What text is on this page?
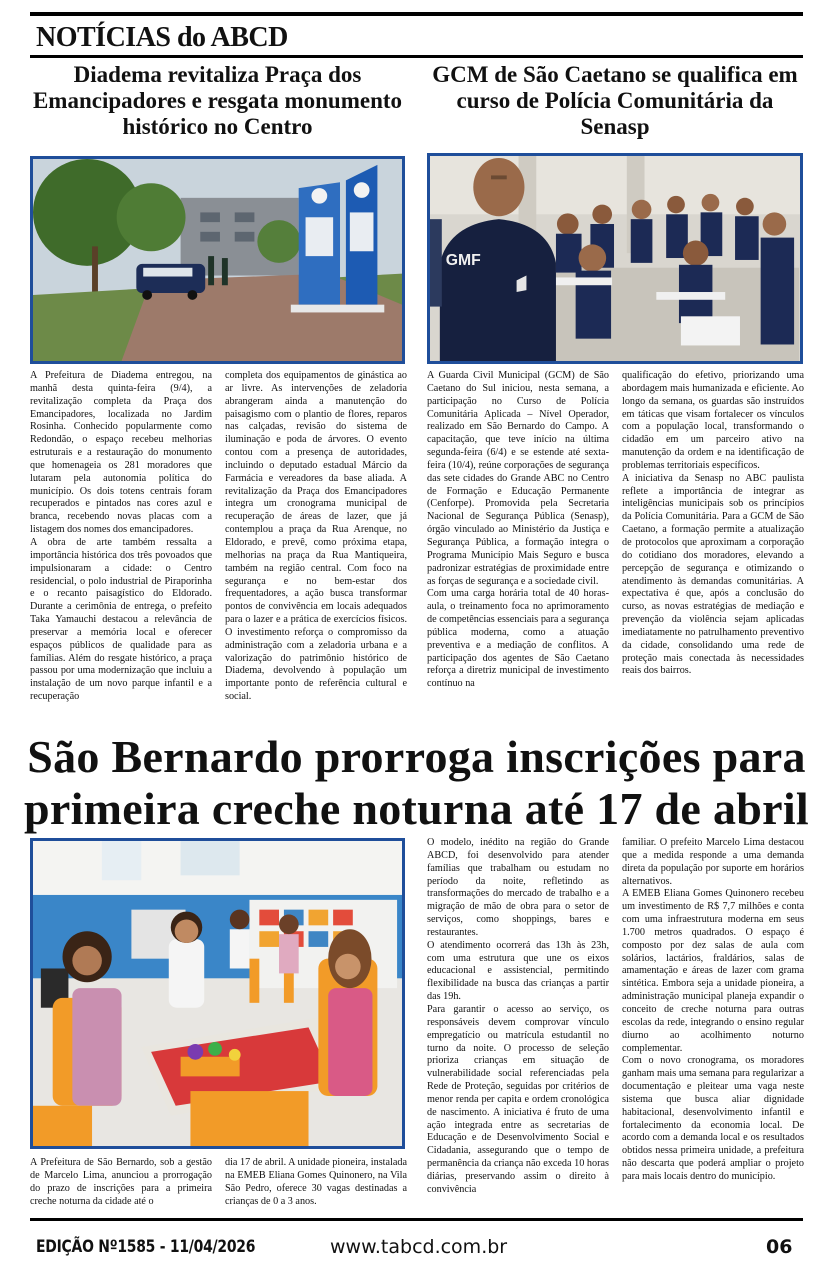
NOTÍCIAS do ABCD
Diadema revitaliza Praça dos Emancipadores e resgata monumento histórico no Centro

A Prefeitura de Diadema entregou, na manhã desta quinta-feira (9/4), a revitalização completa da Praça dos Emancipadores, localizada no Jardim Rosinha. Conhecido popularmente como Redondão, o espaço recebeu melhorias estruturais e a restauração do monumento que homenageia os 281 moradores que lutaram pela autonomia política do município. Os dois totens centrais foram recuperados e pintados nas cores azul e branca, recebendo novas placas com a listagem dos nomes dos emancipadores.

A obra de arte também ressalta a importância histórica dos três povoados que impulsionaram a cidade: o Centro residencial, o polo industrial de Piraporinha e o recanto paisagístico do Eldorado. Durante a cerimônia de entrega, o prefeito Taka Yamauchi destacou a relevância de preservar a memória local e oferecer espaços públicos de qualidade para as famílias. Além do resgate histórico, a praça passou por uma modernização que incluiu a instalação de um novo parque infantil e a recuperação

completa dos equipamentos de ginástica ao ar livre. As intervenções de zeladoria abrangeram ainda a manutenção do paisagismo com o plantio de flores, reparos nas calçadas, revisão do sistema de iluminação e poda de árvores. O evento contou com a presença de autoridades, incluindo o deputado estadual Márcio da Farmácia e vereadores da base aliada. A revitalização da Praça dos Emancipadores integra um cronograma municipal de recuperação de áreas de lazer, que já contemplou a praça da Rua Arenque, no Eldorado, e prevê, como próxima etapa, melhorias na praça da Rua Mantiqueira, também na região central. Com foco na segurança e no bem-estar dos frequentadores, a ação busca transformar pontos de convivência em locais adequados para o lazer e a prática de exercícios físicos. O investimento reforça o compromisso da administração com a zeladoria urbana e a valorização do patrimônio histórico de Diadema, devolvendo à população um importante ponto de referência cultural e social.

GCM de São Caetano se qualifica em curso de Polícia Comunitária da Senasp
GMF

A Guarda Civil Municipal (GCM) de São Caetano do Sul iniciou, nesta semana, a participação no Curso de Polícia Comunitária Aplicada – Nível Operador, realizado em São Bernardo do Campo. A capacitação, que teve início na última segunda-feira (6/4) e se estende até sexta-feira (10/4), reúne corporações de segurança das sete cidades do Grande ABC no Centro de Formação e Educação Permanente (Cenforpe). Promovida pela Secretaria Nacional de Segurança Pública (Senasp), órgão vinculado ao Ministério da Justiça e Segurança Pública, a formação integra o Programa Município Mais Seguro e busca padronizar estratégias de proximidade entre as forças de segurança e a sociedade civil.

Com uma carga horária total de 40 horas-aula, o treinamento foca no aprimoramento de competências essenciais para a segurança pública moderna, como a atuação preventiva e a mediação de conflitos. A participação dos agentes de São Caetano reforça a diretriz municipal de investimento contínuo na

qualificação do efetivo, priorizando uma abordagem mais humanizada e eficiente. Ao longo da semana, os guardas são instruídos em táticas que visam fortalecer os vínculos com a população local, transformando o cidadão em um parceiro ativo na manutenção da ordem e na identificação de problemas territoriais específicos.

A iniciativa da Senasp no ABC paulista reflete a importância de integrar as inteligências municipais sob os princípios da Polícia Comunitária. Para a GCM de São Caetano, a formação permite a atualização de protocolos que aproximam a corporação do cotidiano dos moradores, elevando a percepção de segurança e otimizando o atendimento às demandas comunitárias. A expectativa é que, após a conclusão do curso, as novas estratégias de mediação e prevenção da violência sejam aplicadas imediatamente no patrulhamento preventivo da cidade, consolidando uma rede de proteção mais conectada às necessidades reais dos bairros.

São Bernardo prorroga inscrições para
primeira creche noturna até 17 de abril

A Prefeitura de São Bernardo, sob a gestão de Marcelo Lima, anunciou a prorrogação do prazo de inscrições para a primeira creche noturna da cidade até o

dia 17 de abril. A unidade pioneira, instalada na EMEB Eliana Gomes Quinonero, na Vila São Pedro, oferece 30 vagas destinadas a crianças de 0 a 3 anos.

O modelo, inédito na região do Grande ABCD, foi desenvolvido para atender famílias que trabalham ou estudam no período da noite, refletindo as transformações do mercado de trabalho e a migração de mão de obra para o setor de serviços, como shoppings, bares e restaurantes.

O atendimento ocorrerá das 13h às 23h, com uma estrutura que une os eixos educacional e assistencial, permitindo flexibilidade na busca das crianças a partir das 19h.

Para garantir o acesso ao serviço, os responsáveis devem comprovar vínculo empregatício ou matrícula estudantil no turno da noite. O processo de seleção prioriza crianças em situação de vulnerabilidade social referenciadas pela Rede de Proteção, seguidas por critérios de menor renda per capita e ordem cronológica de nascimento. A iniciativa é fruto de uma ação integrada entre as secretarias de Educação e de Desenvolvimento Social e Cidadania, assegurando que o tempo de permanência da criança não exceda 10 horas diárias, preservando assim o direito à convivência

familiar. O prefeito Marcelo Lima destacou que a medida responde a uma demanda direta da população por suporte em horários alternativos.

A EMEB Eliana Gomes Quinonero recebeu um investimento de R$ 7,7 milhões e conta com uma infraestrutura moderna em seus 1.700 metros quadrados. O espaço é composto por dez salas de aula com solários, lactários, fraldários, salas de amamentação e áreas de lazer com grama sintética. Embora seja a unidade pioneira, a administração municipal planeja expandir o conceito de creche noturna para outras escolas da rede, integrando o ensino regular diurno ao acolhimento noturno complementar.

Com o novo cronograma, os moradores ganham mais uma semana para regularizar a documentação e pleitear uma vaga neste sistema que busca aliar dignidade habitacional, desenvolvimento infantil e fortalecimento da economia local. De acordo com a demanda local e os resultados obtidos nessa primeira unidade, a prefeitura não descarta que poderá ampliar o projeto para mais locais dentro do município.

EDIÇÃO Nº1585 - 11/04/2026	www.tabcd.com.br	06
